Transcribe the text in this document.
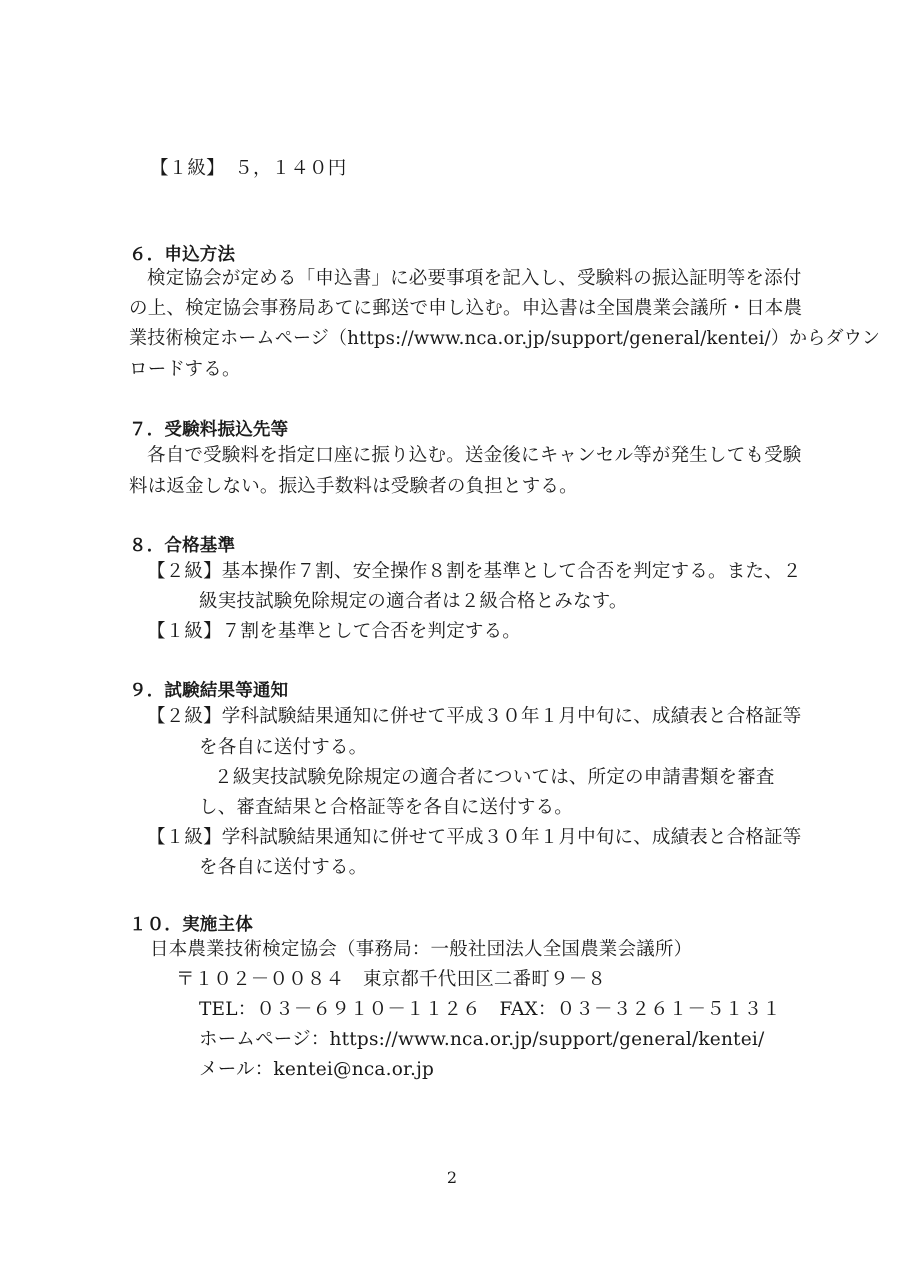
【１級】　５，１４０円
６．申込方法
検定協会が定める「申込書」に必要事項を記入し、受験料の振込証明等を添付
の上、検定協会事務局あてに郵送で申し込む。申込書は全国農業会議所・日本農
業技術検定ホームページ（https://www.nca.or.jp/support/general/kentei/）からダウン
ロードする。
７．受験料振込先等
各自で受験料を指定口座に振り込む。送金後にキャンセル等が発生しても受験
料は返金しない。振込手数料は受験者の負担とする。
８．合格基準
【２級】基本操作７割、安全操作８割を基準として合否を判定する。また、２
級実技試験免除規定の適合者は２級合格とみなす。
【１級】７割を基準として合否を判定する。
９．試験結果等通知
【２級】学科試験結果通知に併せて平成３０年１月中旬に、成績表と合格証等
を各自に送付する。
２級実技試験免除規定の適合者については、所定の申請書類を審査
し、審査結果と合格証等を各自に送付する。
【１級】学科試験結果通知に併せて平成３０年１月中旬に、成績表と合格証等
を各自に送付する。
１０．実施主体
日本農業技術検定協会（事務局：一般社団法人全国農業会議所）
〒１０２－００８４　東京都千代田区二番町９－８
TEL：０３－６９１０－１１２６　FAX：０３－３２６１－５１３１
ホームページ：https://www.nca.or.jp/support/general/kentei/
メール：kentei@nca.or.jp
2
